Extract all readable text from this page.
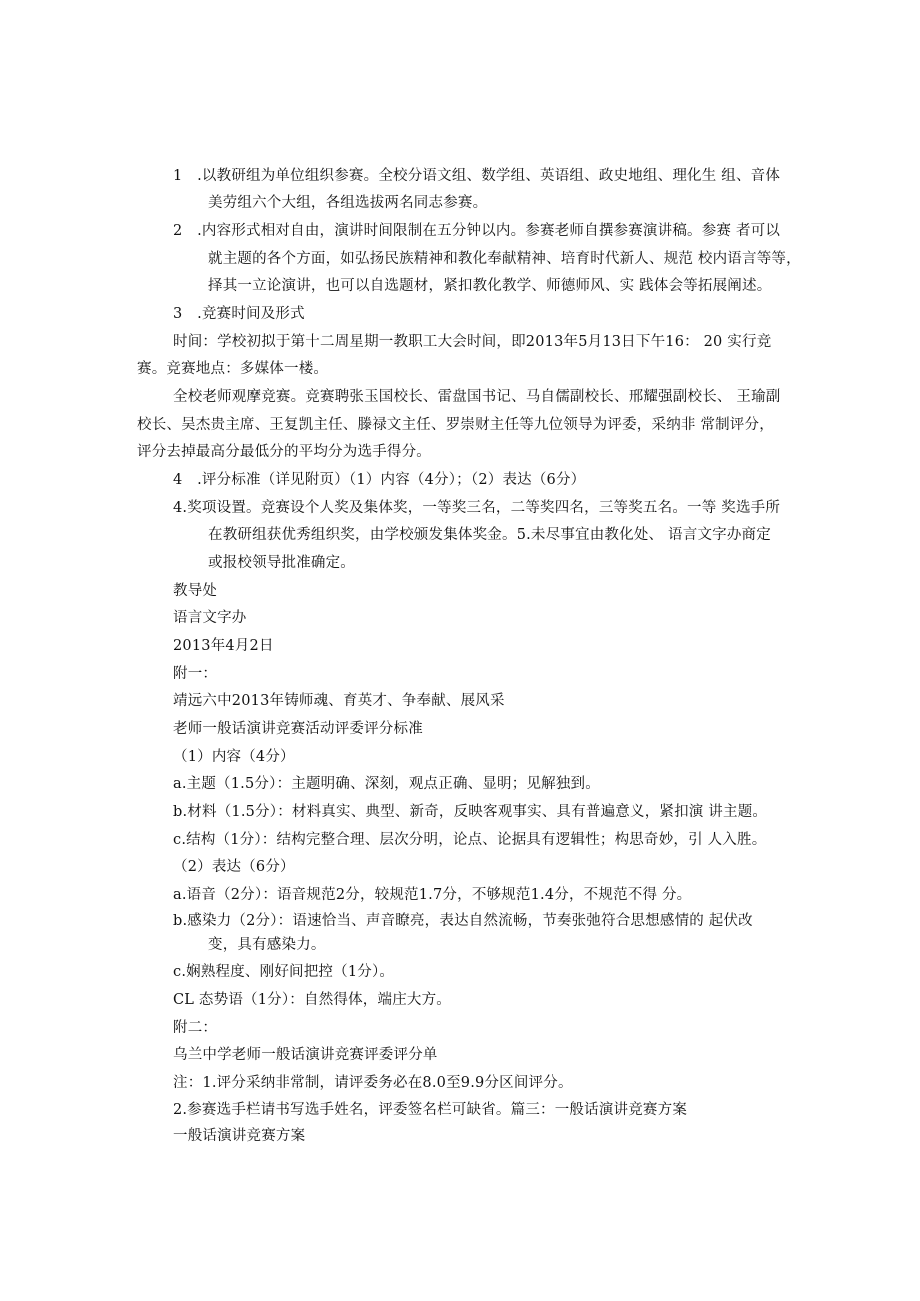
1　.以教研组为单位组织参赛。全校分语文组、数学组、英语组、政史地组、理化生 组、音体
美劳组六个大组，各组选拔两名同志参赛。
2　.内容形式相对自由，演讲时间限制在五分钟以内。参赛老师自撰参赛演讲稿。参赛 者可以
就主题的各个方面，如弘扬民族精神和教化奉献精神、培育时代新人、规范 校内语言等等，
择其一立论演讲，也可以自选题材，紧扣教化教学、师德师风、实 践体会等拓展阐述。
3　.竞赛时间及形式
时间：学校初拟于第十二周星期一教职工大会时间，即2013年5月13日下午16： 20 实行竞
赛。竞赛地点：多媒体一楼。
全校老师观摩竞赛。竞赛聘张玉国校长、雷盘国书记、马自儒副校长、邢耀强副校长、 王瑜副
校长、吴杰贵主席、王复凯主任、滕禄文主任、罗崇财主任等九位领导为评委，采纳非 常制评分，
评分去掉最高分最低分的平均分为选手得分。
4　.评分标准（详见附页）（1）内容（4分）；（2）表达（6分）
4.奖项设置。竞赛设个人奖及集体奖，一等奖三名，二等奖四名，三等奖五名。一等 奖选手所
在教研组获优秀组织奖，由学校颁发集体奖金。5.未尽事宜由教化处、 语言文字办商定
或报校领导批准确定。
教导处
语言文字办
2013年4月2日
附一：
靖远六中2013年铸师魂、育英才、争奉献、展风采
老师一般话演讲竞赛活动评委评分标准
（1）内容（4分）
a.主题（1.5分）：主题明确、深刻，观点正确、显明；见解独到。
b.材料（1.5分）：材料真实、典型、新奇，反映客观事实、具有普遍意义，紧扣演 讲主题。
c.结构（1分）：结构完整合理、层次分明，论点、论据具有逻辑性；构思奇妙，引 人入胜。
（2）表达（6分）
a.语音（2分）：语音规范2分，较规范1.7分，不够规范1.4分，不规范不得 分。
b.感染力（2分）：语速恰当、声音瞭亮，表达自然流畅，节奏张弛符合思想感情的 起伏改
变，具有感染力。
c.娴熟程度、刚好间把控（1分）。
CL 态势语（1分）：自然得体，端庄大方。
附二：
乌兰中学老师一般话演讲竞赛评委评分单
注：1.评分采纳非常制，请评委务必在8.0至9.9分区间评分。
2.参赛选手栏请书写选手姓名，评委签名栏可缺省。篇三：一般话演讲竞赛方案
一般话演讲竞赛方案
